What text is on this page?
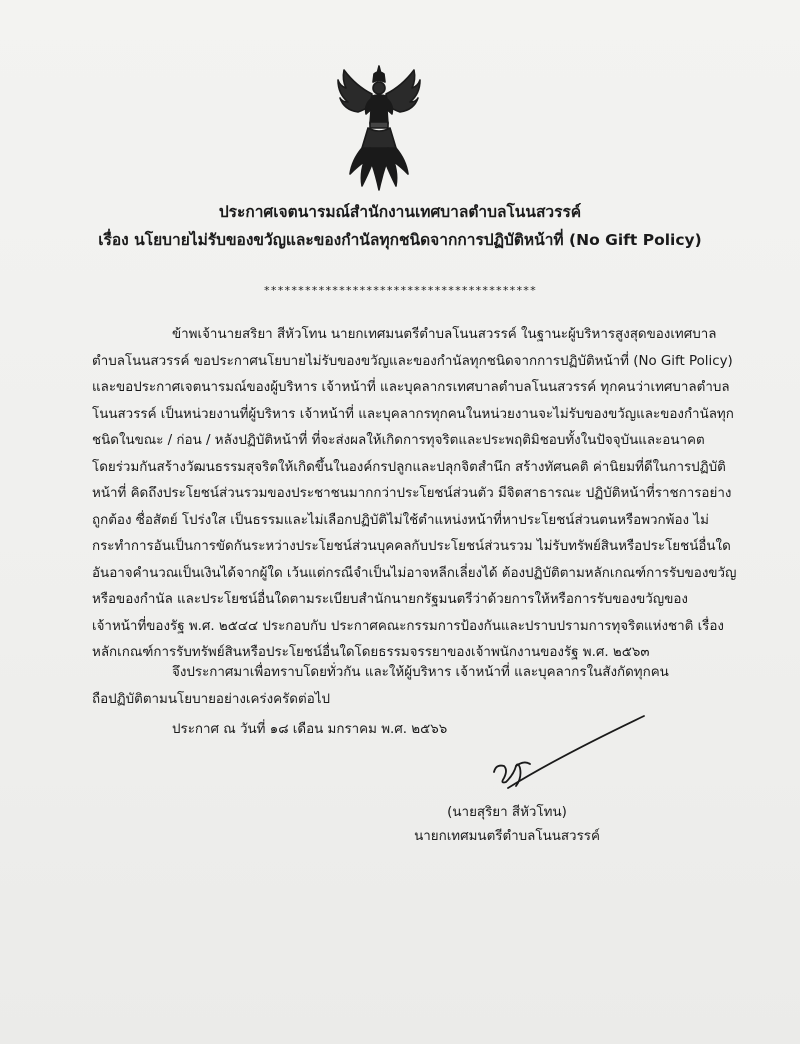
ประกาศเจตนารมณ์สำนักงานเทศบาลตำบลโนนสวรรค์
เรื่อง นโยบายไม่รับของขวัญและของกำนัลทุกชนิดจากการปฏิบัติหน้าที่ (No Gift Policy)
****************************************
ข้าพเจ้านายสริยา สีหัวโทน นายกเทศมนตรีตำบลโนนสวรรค์ ในฐานะผู้บริหารสูงสุดของเทศบาล
ตำบลโนนสวรรค์ ขอประกาศนโยบายไม่รับของขวัญและของกำนัลทุกชนิดจากการปฏิบัติหน้าที่ (No Gift Policy)
และขอประกาศเจตนารมณ์ของผู้บริหาร เจ้าหน้าที่ และบุคลากรเทศบาลตำบลโนนสวรรค์ ทุกคนว่าเทศบาลตำบล
โนนสวรรค์ เป็นหน่วยงานที่ผู้บริหาร เจ้าหน้าที่ และบุคลากรทุกคนในหน่วยงานจะไม่รับของขวัญและของกำนัลทุก
ชนิดในขณะ / ก่อน / หลังปฏิบัติหน้าที่ ที่จะส่งผลให้เกิดการทุจริตและประพฤติมิชอบทั้งในปัจจุบันและอนาคต
โดยร่วมกันสร้างวัฒนธรรมสุจริตให้เกิดขึ้นในองค์กรปลูกและปลุกจิตสำนึก สร้างทัศนคติ ค่านิยมที่ดีในการปฏิบัติ
หน้าที่ คิดถึงประโยชน์ส่วนรวมของประชาชนมากกว่าประโยชน์ส่วนตัว มีจิตสาธารณะ ปฏิบัติหน้าที่ราชการอย่าง
ถูกต้อง ซื่อสัตย์ โปร่งใส เป็นธรรมและไม่เลือกปฏิบัติไม่ใช้ตำแหน่งหน้าที่หาประโยชน์ส่วนตนหรือพวกพ้อง ไม่
กระทำการอันเป็นการขัดกันระหว่างประโยชน์ส่วนบุคคลกับประโยชน์ส่วนรวม ไม่รับทรัพย์สินหรือประโยชน์อื่นใด
อันอาจคำนวณเป็นเงินได้จากผู้ใด เว้นแต่กรณีจำเป็นไม่อาจหลีกเลี่ยงได้ ต้องปฏิบัติตามหลักเกณฑ์การรับของขวัญ
หรือของกำนัล และประโยชน์อื่นใดตามระเบียบสำนักนายกรัฐมนตรีว่าด้วยการให้หรือการรับของขวัญของ
เจ้าหน้าที่ของรัฐ พ.ศ. ๒๕๔๔ ประกอบกับ ประกาศคณะกรรมการป้องกันและปราบปรามการทุจริตแห่งชาติ เรื่อง
หลักเกณฑ์การรับทรัพย์สินหรือประโยชน์อื่นใดโดยธรรมจรรยาของเจ้าพนักงานของรัฐ พ.ศ. ๒๕๖๓
จึงประกาศมาเพื่อทราบโดยทั่วกัน และให้ผู้บริหาร เจ้าหน้าที่ และบุคลากรในสังกัดทุกคน
ถือปฏิบัติตามนโยบายอย่างเคร่งครัดต่อไป
ประกาศ ณ วันที่ ๑๘ เดือน มกราคม พ.ศ. ๒๕๖๖
(นายสุริยา สีหัวโทน)
นายกเทศมนตรีตำบลโนนสวรรค์
